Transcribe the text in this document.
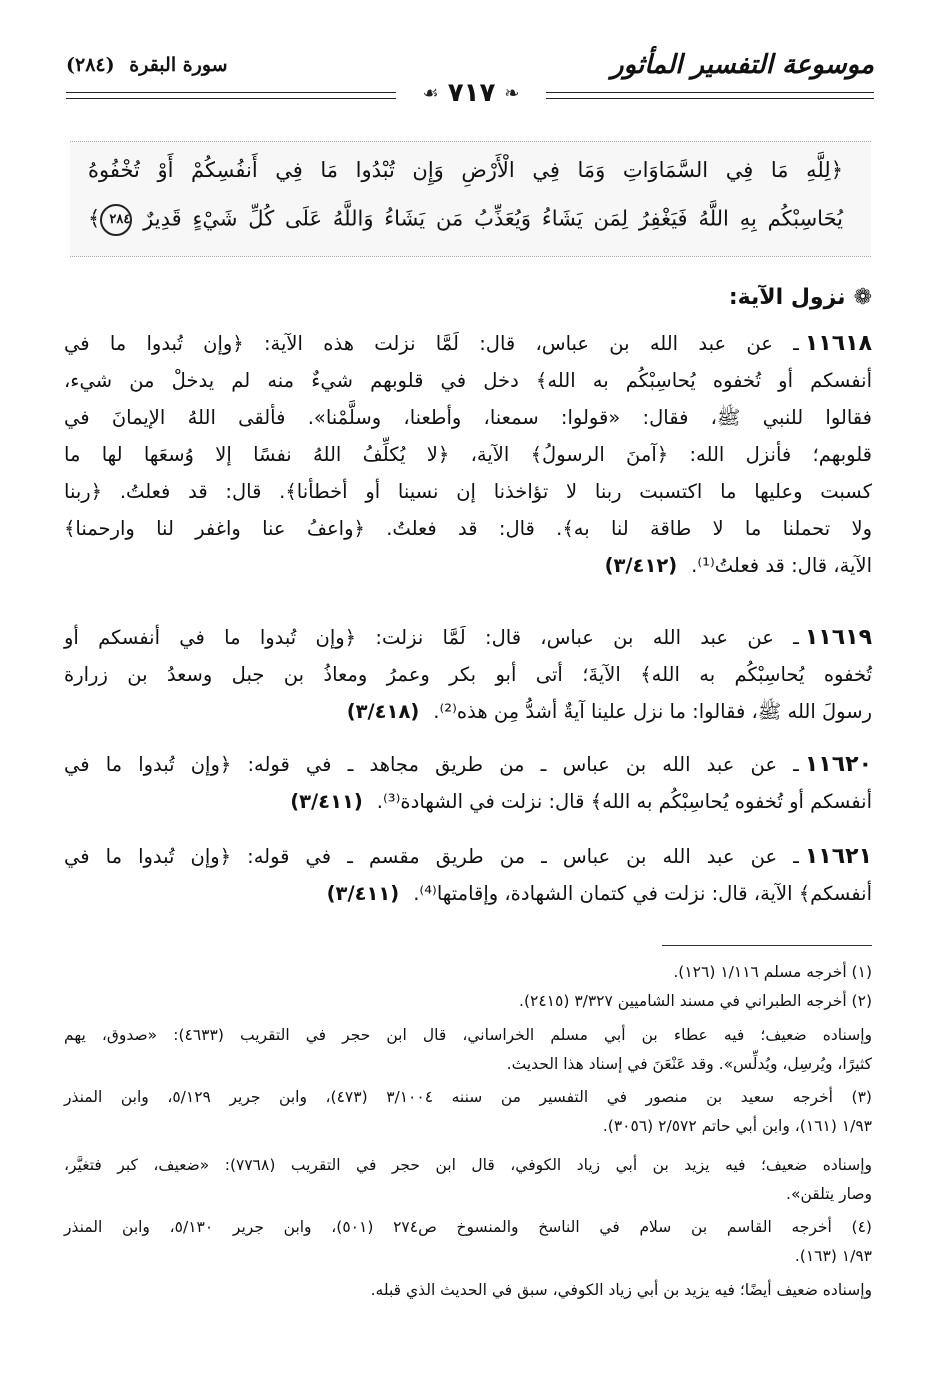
موسوعة التفسير المأثور
سورة البقرة (٢٨٤)
❧ ٧١٧ ☙
﴿لِلَّهِ مَا فِي السَّمَاوَاتِ وَمَا فِي الْأَرْضِ وَإِن تُبْدُوا مَا فِي أَنفُسِكُمْ أَوْ تُخْفُوهُ
يُحَاسِبْكُم بِهِ اللَّهُ فَيَغْفِرُ لِمَن يَشَاءُ وَيُعَذِّبُ مَن يَشَاءُ وَاللَّهُ عَلَى كُلِّ شَيْءٍ قَدِيرٌ ٢٨٤﴾
❁نزول الآية:
١١٦١٨ـ عن عبد الله بن عباس، قال: لَمَّا نزلت هذه الآية: ﴿وإن تُبدوا ما في
أنفسكم أو تُخفوه يُحاسِبْكُم به الله﴾ دخل في قلوبهم شيءٌ منه لم يدخلْ من شيء،
فقالوا للنبي ﷺ، فقال: «قولوا: سمعنا، وأطعنا، وسلَّمْنا». فألقى اللهُ الإيمانَ في
قلوبهم؛ فأنزل الله: ﴿آمنَ الرسولُ﴾ الآية، ﴿لا يُكلِّفُ اللهُ نفسًا إلا وُسعَها لها ما
كسبت وعليها ما اكتسبت ربنا لا تؤاخذنا إن نسينا أو أخطأنا﴾. قال: قد فعلتُ. ﴿ربنا
ولا تحملنا ما لا طاقة لنا به﴾. قال: قد فعلتُ. ﴿واعفُ عنا واغفر لنا وارحمنا﴾
الآية، قال: قد فعلتُ⁽¹⁾.(٣/٤١٢)
١١٦١٩ـ عن عبد الله بن عباس، قال: لَمَّا نزلت: ﴿وإن تُبدوا ما في أنفسكم أو
تُخفوه يُحاسِبْكُم به الله﴾ الآيةَ؛ أتى أبو بكر وعمرُ ومعاذُ بن جبل وسعدُ بن زرارة
رسولَ الله ﷺ، فقالوا: ما نزل علينا آيةٌ أشدُّ مِن هذه⁽²⁾.(٣/٤١٨)
١١٦٢٠ـ عن عبد الله بن عباس ـ من طريق مجاهد ـ في قوله: ﴿وإن تُبدوا ما في
أنفسكم أو تُخفوه يُحاسِبْكُم به الله﴾ قال: نزلت في الشهادة⁽³⁾.(٣/٤١١)
١١٦٢١ـ عن عبد الله بن عباس ـ من طريق مقسم ـ في قوله: ﴿وإن تُبدوا ما في
أنفسكم﴾ الآية، قال: نزلت في كتمان الشهادة، وإقامتها⁽⁴⁾.(٣/٤١١)
(١) أخرجه مسلم ١/١١٦ (١٢٦).
(٢) أخرجه الطبراني في مسند الشاميين ٣/٣٢٧ (٢٤١٥).
وإسناده ضعيف؛ فيه عطاء بن أبي مسلم الخراساني، قال ابن حجر في التقريب (٤٦٣٣): «صدوق، يهم
كثيرًا، ويُرسِل، ويُدلِّس». وقد عَنْعَنَ في إسناد هذا الحديث.
(٣) أخرجه سعيد بن منصور في التفسير من سننه ٣/١٠٠٤ (٤٧٣)، وابن جرير ٥/١٢٩، وابن المنذر
١/٩٣ (١٦١)، وابن أبي حاتم ٢/٥٧٢ (٣٠٥٦).
وإسناده ضعيف؛ فيه يزيد بن أبي زياد الكوفي، قال ابن حجر في التقريب (٧٧٦٨): «ضعيف، كبر فتغيَّر،
وصار يتلقن».
(٤) أخرجه القاسم بن سلام في الناسخ والمنسوخ ص٢٧٤ (٥٠١)، وابن جرير ٥/١٣٠، وابن المنذر
١/٩٣ (١٦٣).
وإسناده ضعيف أيضًا؛ فيه يزيد بن أبي زياد الكوفي، سبق في الحديث الذي قبله.
